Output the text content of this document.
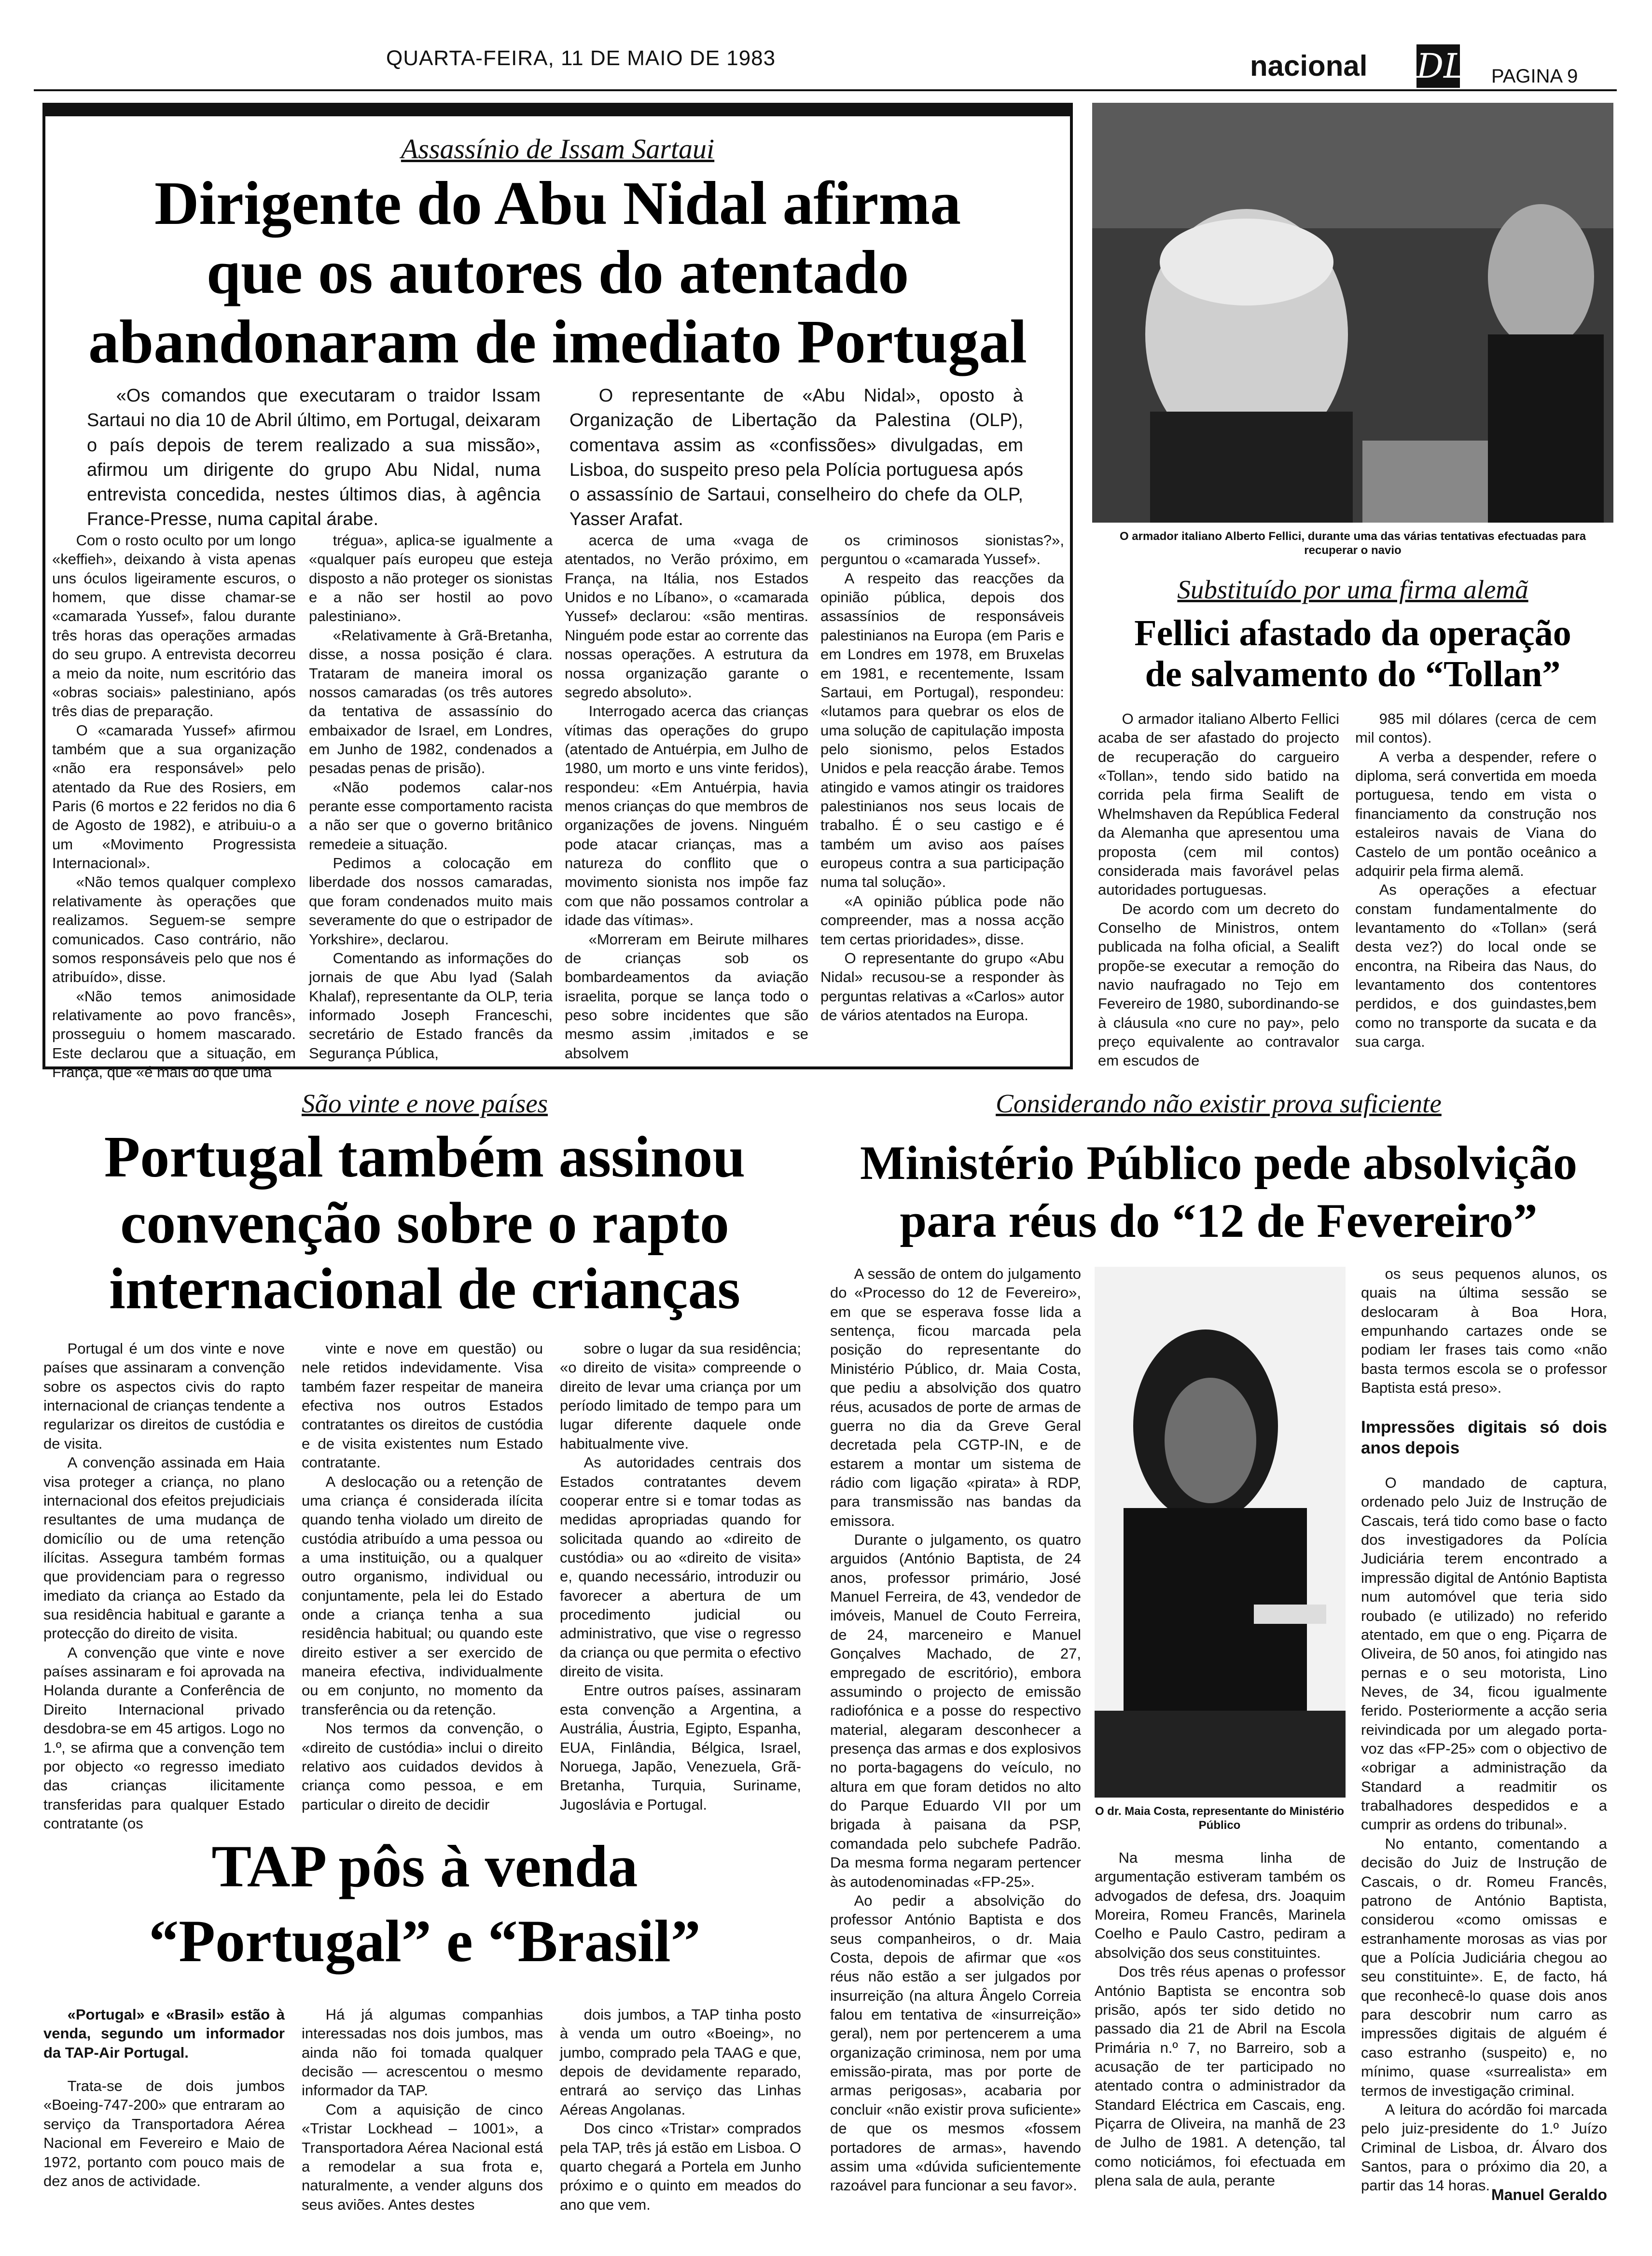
QUARTA-FEIRA, 11 DE MAIO DE 1983	nacional DL PAGINA 9
Assassínio de Issam Sartaui
Dirigente do Abu Nidal afirma
que os autores do atentado
abandonaram de imediato Portugal

«Os comandos que executaram o traidor Issam Sartaui no dia 10 de Abril último, em Portugal, deixaram o país depois de terem realizado a sua missão», afirmou um dirigente do grupo Abu Nidal, numa entrevista concedida, nestes últimos dias, à agência France-Presse, numa capital árabe.

O representante de «Abu Nidal», oposto à Organização de Libertação da Palestina (OLP), comentava assim as «confissões» divulgadas, em Lisboa, do suspeito preso pela Polícia portuguesa após o assassínio de Sartaui, conselheiro do chefe da OLP, Yasser Arafat.

Com o rosto oculto por um longo «keffieh», deixando à vista apenas uns óculos ligeiramente escuros, o homem, que disse chamar-se «camarada Yussef», falou durante três horas das operações armadas do seu grupo. A entrevista decorreu a meio da noite, num escritório das «obras sociais» palestiniano, após três dias de preparação.

O «camarada Yussef» afirmou também que a sua organização «não era responsável» pelo atentado da Rue des Rosiers, em Paris (6 mortos e 22 feridos no dia 6 de Agosto de 1982), e atribuiu-o a um «Movimento Progressista Internacional».

«Não temos qualquer complexo relativamente às operações que realizamos. Seguem-se sempre comunicados. Caso contrário, não somos responsáveis pelo que nos é atribuído», disse.

«Não temos animosidade relativamente ao povo francês», prosseguiu o homem mascarado. Este declarou que a situação, em França, que «é mais do que uma

trégua», aplica-se igualmente a «qualquer país europeu que esteja disposto a não proteger os sionistas e a não ser hostil ao povo palestiniano».

«Relativamente à Grã-Bretanha, disse, a nossa posição é clara. Trataram de maneira imoral os nossos camaradas (os três autores da tentativa de assassínio do embaixador de Israel, em Londres, em Junho de 1982, condenados a pesadas penas de prisão).

«Não podemos calar-nos perante esse comportamento racista a não ser que o governo britânico remedeie a situação.

Pedimos a colocação em liberdade dos nossos camaradas, que foram condenados muito mais severamente do que o estripador de Yorkshire», declarou.

Comentando as informações do jornais de que Abu Iyad (Salah Khalaf), representante da OLP, teria informado Joseph Franceschi, secretário de Estado francês da Segurança Pública,

acerca de uma «vaga de atentados, no Verão próximo, em França, na Itália, nos Estados Unidos e no Líbano», o «camarada Yussef» declarou: «são mentiras. Ninguém pode estar ao corrente das nossas operações. A estrutura da nossa organização garante o segredo absoluto».

Interrogado acerca das crianças vítimas das operações do grupo (atentado de Antuérpia, em Julho de 1980, um morto e uns vinte feridos), respondeu: «Em Antuérpia, havia menos crianças do que membros de organizações de jovens. Ninguém pode atacar crianças, mas a natureza do conflito que o movimento sionista nos impõe faz com que não possamos controlar a idade das vítimas».

«Morreram em Beirute milhares de crianças sob os bombardeamentos da aviação israelita, porque se lança todo o peso sobre incidentes que são mesmo assim ,imitados e se absolvem

os criminosos sionistas?», perguntou o «camarada Yussef».

A respeito das reacções da opinião pública, depois dos assassínios de responsáveis palestinianos na Europa (em Paris e em Londres em 1978, em Bruxelas em 1981, e recentemente, Issam Sartaui, em Portugal), respondeu: «lutamos para quebrar os elos de uma solução de capitulação imposta pelo sionismo, pelos Estados Unidos e pela reacção árabe. Temos atingido e vamos atingir os traidores palestinianos nos seus locais de trabalho. É o seu castigo e é também um aviso aos países europeus contra a sua participação numa tal solução».

«A opinião pública pode não compreender, mas a nossa acção tem certas prioridades», disse.

O representante do grupo «Abu Nidal» recusou-se a responder às perguntas relativas a «Carlos» autor de vários atentados na Europa.

O armador italiano Alberto Fellici, durante uma das várias tentativas efectuadas para recuperar o navio
Substituído por uma firma alemã
Fellici afastado da operação
de salvamento do “Tollan”

O armador italiano Alberto Fellici acaba de ser afastado do projecto de recuperação do cargueiro «Tollan», tendo sido batido na corrida pela firma Sealift de Whelmshaven da República Federal da Alemanha que apresentou uma proposta (cem mil contos) considerada mais favorável pelas autoridades portuguesas.

De acordo com um decreto do Conselho de Ministros, ontem publicada na folha oficial, a Sealift propõe-se executar a remoção do navio naufragado no Tejo em Fevereiro de 1980, subordinando-se à cláusula «no cure no pay», pelo preço equivalente ao contravalor em escudos de

985 mil dólares (cerca de cem mil contos).

A verba a despender, refere o diploma, será convertida em moeda portuguesa, tendo em vista o financiamento da construção nos estaleiros navais de Viana do Castelo de um pontão oceânico a adquirir pela firma alemã.

As operações a efectuar constam fundamentalmente do levantamento do «Tollan» (será desta vez?) do local onde se encontra, na Ribeira das Naus, do levantamento dos contentores perdidos, e dos guindastes,bem como no transporte da sucata e da sua carga.

São vinte e nove países
Portugal também assinou
convenção sobre o rapto
internacional de crianças

Portugal é um dos vinte e nove países que assinaram a convenção sobre os aspectos civis do rapto internacional de crianças tendente a regularizar os direitos de custódia e de visita.

A convenção assinada em Haia visa proteger a criança, no plano internacional dos efeitos prejudiciais resultantes de uma mudança de domicílio ou de uma retenção ilícitas. Assegura também formas que providenciam para o regresso imediato da criança ao Estado da sua residência habitual e garante a protecção do direito de visita.

A convenção que vinte e nove países assinaram e foi aprovada na Holanda durante a Conferência de Direito Internacional privado desdobra-se em 45 artigos. Logo no 1.º, se afirma que a convenção tem por objecto «o regresso imediato das crianças ilicitamente transferidas para qualquer Estado contratante (os

vinte e nove em questão) ou nele retidos indevidamente. Visa também fazer respeitar de maneira efectiva nos outros Estados contratantes os direitos de custódia e de visita existentes num Estado contratante.

A deslocação ou a retenção de uma criança é considerada ilícita quando tenha violado um direito de custódia atribuído a uma pessoa ou a uma instituição, ou a qualquer outro organismo, individual ou conjuntamente, pela lei do Estado onde a criança tenha a sua residência habitual; ou quando este direito estiver a ser exercido de maneira efectiva, individualmente ou em conjunto, no momento da transferência ou da retenção.

Nos termos da convenção, o «direito de custódia» inclui o direito relativo aos cuidados devidos à criança como pessoa, e em particular o direito de decidir

sobre o lugar da sua residência; «o direito de visita» compreende o direito de levar uma criança por um período limitado de tempo para um lugar diferente daquele onde habitualmente vive.

As autoridades centrais dos Estados contratantes devem cooperar entre si e tomar todas as medidas apropriadas quando for solicitada quando ao «direito de custódia» ou ao «direito de visita» e, quando necessário, introduzir ou favorecer a abertura de um procedimento judicial ou administrativo, que vise o regresso da criança ou que permita o efectivo direito de visita.

Entre outros países, assinaram esta convenção a Argentina, a Austrália, Áustria, Egipto, Espanha, EUA, Finlândia, Bélgica, Israel, Noruega, Japão, Venezuela, Grã-Bretanha, Turquia, Suriname, Jugoslávia e Portugal.

TAP pôs à venda
“Portugal” e “Brasil”

«Portugal» e «Brasil» estão à venda, segundo um informador da TAP-Air Portugal.

Trata-se de dois jumbos «Boeing-747-200» que entraram ao serviço da Transportadora Aérea Nacional em Fevereiro e Maio de 1972, portanto com pouco mais de dez anos de actividade.

Há já algumas companhias interessadas nos dois jumbos, mas ainda não foi tomada qualquer decisão — acrescentou o mesmo informador da TAP.

Com a aquisição de cinco «Tristar Lockhead – 1001», a Transportadora Aérea Nacional está a remodelar a sua frota e, naturalmente, a vender alguns dos seus aviões. Antes destes

dois jumbos, a TAP tinha posto à venda um outro «Boeing», no jumbo, comprado pela TAAG e que, depois de devidamente reparado, entrará ao serviço das Linhas Aéreas Angolanas.

Dos cinco «Tristar» comprados pela TAP, três já estão em Lisboa. O quarto chegará a Portela em Junho próximo e o quinto em meados do ano que vem.

Considerando não existir prova suficiente
Ministério Público pede absolvição
para réus do “12 de Fevereiro”

A sessão de ontem do julgamento do «Processo do 12 de Fevereiro», em que se esperava fosse lida a sentença, ficou marcada pela posição do representante do Ministério Público, dr. Maia Costa, que pediu a absolvição dos quatro réus, acusados de porte de armas de guerra no dia da Greve Geral decretada pela CGTP-IN, e de estarem a montar um sistema de rádio com ligação «pirata» à RDP, para transmissão nas bandas da emissora.

Durante o julgamento, os quatro arguidos (António Baptista, de 24 anos, professor primário, José Manuel Ferreira, de 43, vendedor de imóveis, Manuel de Couto Ferreira, de 24, marceneiro e Manuel Gonçalves Machado, de 27, empregado de escritório), embora assumindo o projecto de emissão radiofónica e a posse do respectivo material, alegaram desconhecer a presença das armas e dos explosivos no porta-bagagens do veículo, no altura em que foram detidos no alto do Parque Eduardo VII por um brigada à paisana da PSP, comandada pelo subchefe Padrão. Da mesma forma negaram pertencer às autodenominadas «FP-25».

Ao pedir a absolvição do professor António Baptista e dos seus companheiros, o dr. Maia Costa, depois de afirmar que «os réus não estão a ser julgados por insurreição (na altura Ângelo Correia falou em tentativa de «insurreição» geral), nem por pertencerem a uma organização criminosa, nem por uma emissão-pirata, mas por porte de armas perigosas», acabaria por concluir «não existir prova suficiente» de que os mesmos «fossem portadores de armas», havendo assim uma «dúvida suficientemente razoável para funcionar a seu favor».

O dr. Maia Costa, representante do Ministério Público

Na mesma linha de argumentação estiveram também os advogados de defesa, drs. Joaquim Moreira, Romeu Francês, Marinela Coelho e Paulo Castro, pediram a absolvição dos seus constituintes.

Dos três réus apenas o professor António Baptista se encontra sob prisão, após ter sido detido no passado dia 21 de Abril na Escola Primária n.º 7, no Barreiro, sob a acusação de ter participado no atentado contra o administrador da Standard Eléctrica em Cascais, eng. Piçarra de Oliveira, na manhã de 23 de Julho de 1981. A detenção, tal como noticiámos, foi efectuada em plena sala de aula, perante

os seus pequenos alunos, os quais na última sessão se deslocaram à Boa Hora, empunhando cartazes onde se podiam ler frases tais como «não basta termos escola se o professor Baptista está preso».

Impressões digitais só dois anos depois

O mandado de captura, ordenado pelo Juiz de Instrução de Cascais, terá tido como base o facto dos investigadores da Polícia Judiciária terem encontrado a impressão digital de António Baptista num automóvel que teria sido roubado (e utilizado) no referido atentado, em que o eng. Piçarra de Oliveira, de 50 anos, foi atingido nas pernas e o seu motorista, Lino Neves, de 34, ficou igualmente ferido. Posteriormente a acção seria reivindicada por um alegado porta-voz das «FP-25» com o objectivo de «obrigar a administração da Standard a readmitir os trabalhadores despedidos e a cumprir as ordens do tribunal».

No entanto, comentando a decisão do Juiz de Instrução de Cascais, o dr. Romeu Francês, patrono de António Baptista, considerou «como omissas e estranhamente morosas as vias por que a Polícia Judiciária chegou ao seu constituinte». E, de facto, há que reconhecê-lo quase dois anos para descobrir num carro as impressões digitais de alguém é caso estranho (suspeito) e, no mínimo, quase «surrealista» em termos de investigação criminal.

A leitura do acórdão foi marcada pelo juiz-presidente do 1.º Juízo Criminal de Lisboa, dr. Álvaro dos Santos, para o próximo dia 20, a partir das 14 horas.

Manuel Geraldo
